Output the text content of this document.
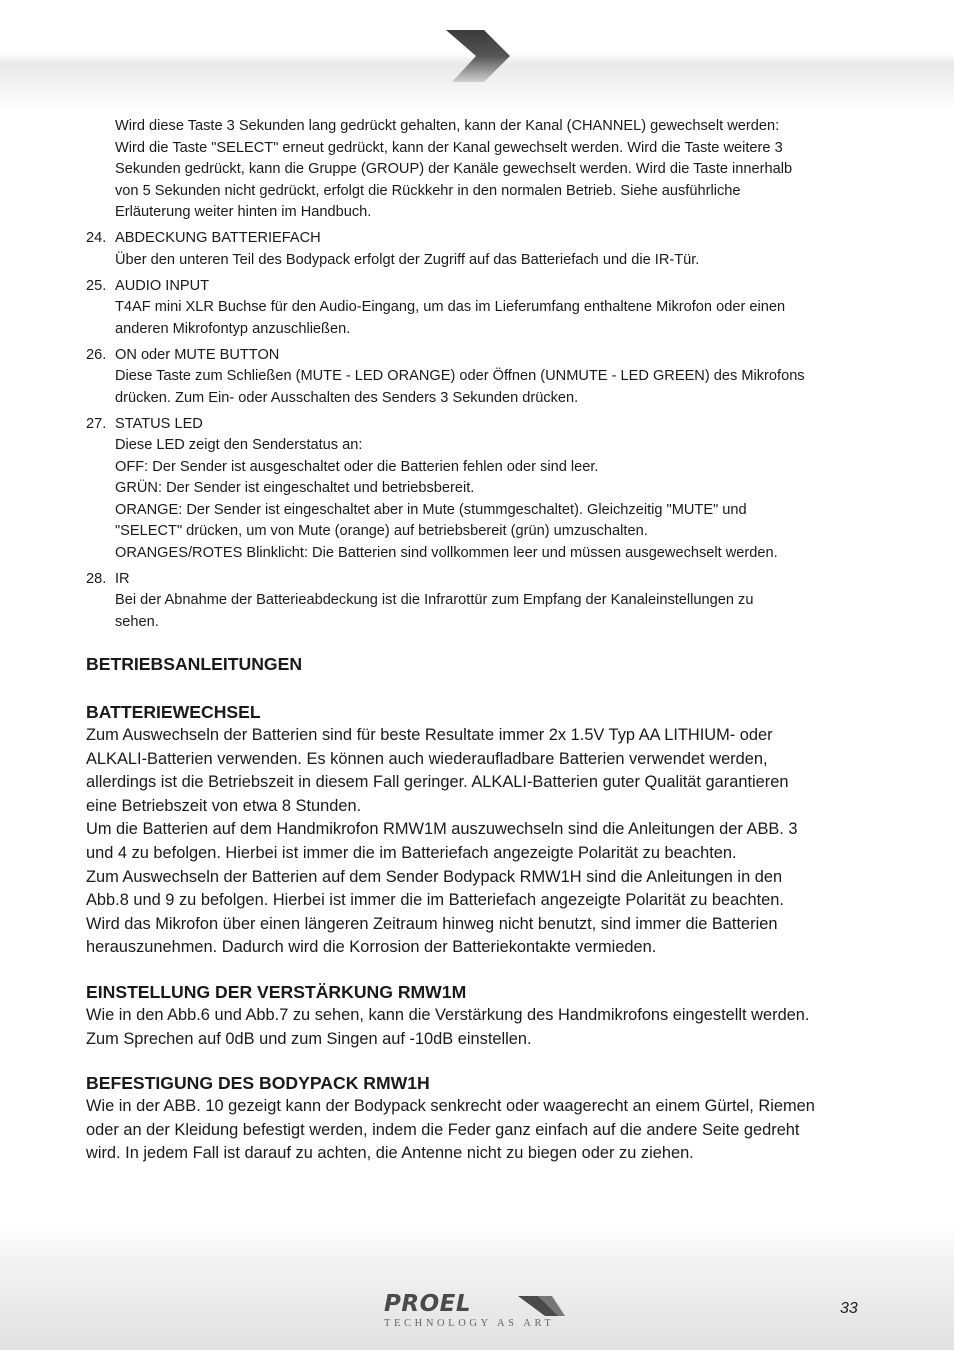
Wird diese Taste 3 Sekunden lang gedrückt gehalten, kann der Kanal (CHANNEL) gewechselt werden:
Wird die Taste "SELECT" erneut gedrückt, kann der Kanal gewechselt werden. Wird die Taste weitere 3
Sekunden gedrückt, kann die Gruppe (GROUP) der Kanäle gewechselt werden. Wird die Taste innerhalb
von 5 Sekunden nicht gedrückt, erfolgt die Rückkehr in den normalen Betrieb. Siehe ausführliche
Erläuterung weiter hinten im Handbuch.
24. ABDECKUNG BATTERIEFACH
Über den unteren Teil des Bodypack erfolgt der Zugriff auf das Batteriefach und die IR-Tür.
25. AUDIO INPUT
T4AF mini XLR Buchse für den Audio-Eingang, um das im Lieferumfang enthaltene Mikrofon oder einen
anderen Mikrofontyp anzuschließen.
26. ON oder MUTE BUTTON
Diese Taste zum Schließen (MUTE - LED ORANGE) oder Öffnen (UNMUTE - LED GREEN) des Mikrofons
drücken. Zum Ein- oder Ausschalten des Senders 3 Sekunden drücken.
27. STATUS LED
Diese LED zeigt den Senderstatus an:
OFF: Der Sender ist ausgeschaltet oder die Batterien fehlen oder sind leer.
GRÜN: Der Sender ist eingeschaltet und betriebsbereit.
ORANGE: Der Sender ist eingeschaltet aber in Mute (stummgeschaltet). Gleichzeitig "MUTE" und
"SELECT" drücken, um von Mute (orange) auf betriebsbereit (grün) umzuschalten.
ORANGES/ROTES Blinklicht: Die Batterien sind vollkommen leer und müssen ausgewechselt werden.
28. IR
Bei der Abnahme der Batterieabdeckung ist die Infrarottür zum Empfang der Kanaleinstellungen zu
sehen.
BETRIEBSANLEITUNGEN
BATTERIEWECHSEL

Zum Auswechseln der Batterien sind für beste Resultate immer 2x 1.5V Typ AA LITHIUM- oder

ALKALI-Batterien verwenden. Es können auch wiederaufladbare Batterien verwendet werden,

allerdings ist die Betriebszeit in diesem Fall geringer. ALKALI-Batterien guter Qualität garantieren

eine Betriebszeit von etwa 8 Stunden.

Um die Batterien auf dem Handmikrofon RMW1M auszuwechseln sind die Anleitungen der ABB. 3

und 4 zu befolgen. Hierbei ist immer die im Batteriefach angezeigte Polarität zu beachten.

Zum Auswechseln der Batterien auf dem Sender Bodypack RMW1H sind die Anleitungen in den

Abb.8 und 9 zu befolgen. Hierbei ist immer die im Batteriefach angezeigte Polarität zu beachten.

Wird das Mikrofon über einen längeren Zeitraum hinweg nicht benutzt, sind immer die Batterien

herauszunehmen. Dadurch wird die Korrosion der Batteriekontakte vermieden.

EINSTELLUNG DER VERSTÄRKUNG RMW1M

Wie in den Abb.6 und Abb.7 zu sehen, kann die Verstärkung des Handmikrofons eingestellt werden.

Zum Sprechen auf 0dB und zum Singen auf -10dB einstellen.

BEFESTIGUNG DES BODYPACK RMW1H

Wie in der ABB. 10 gezeigt kann der Bodypack senkrecht oder waagerecht an einem Gürtel, Riemen

oder an der Kleidung befestigt werden, indem die Feder ganz einfach auf die andere Seite gedreht

wird. In jedem Fall ist darauf zu achten, die Antenne nicht zu biegen oder zu ziehen.

PROEL
TECHNOLOGY AS ART
33
